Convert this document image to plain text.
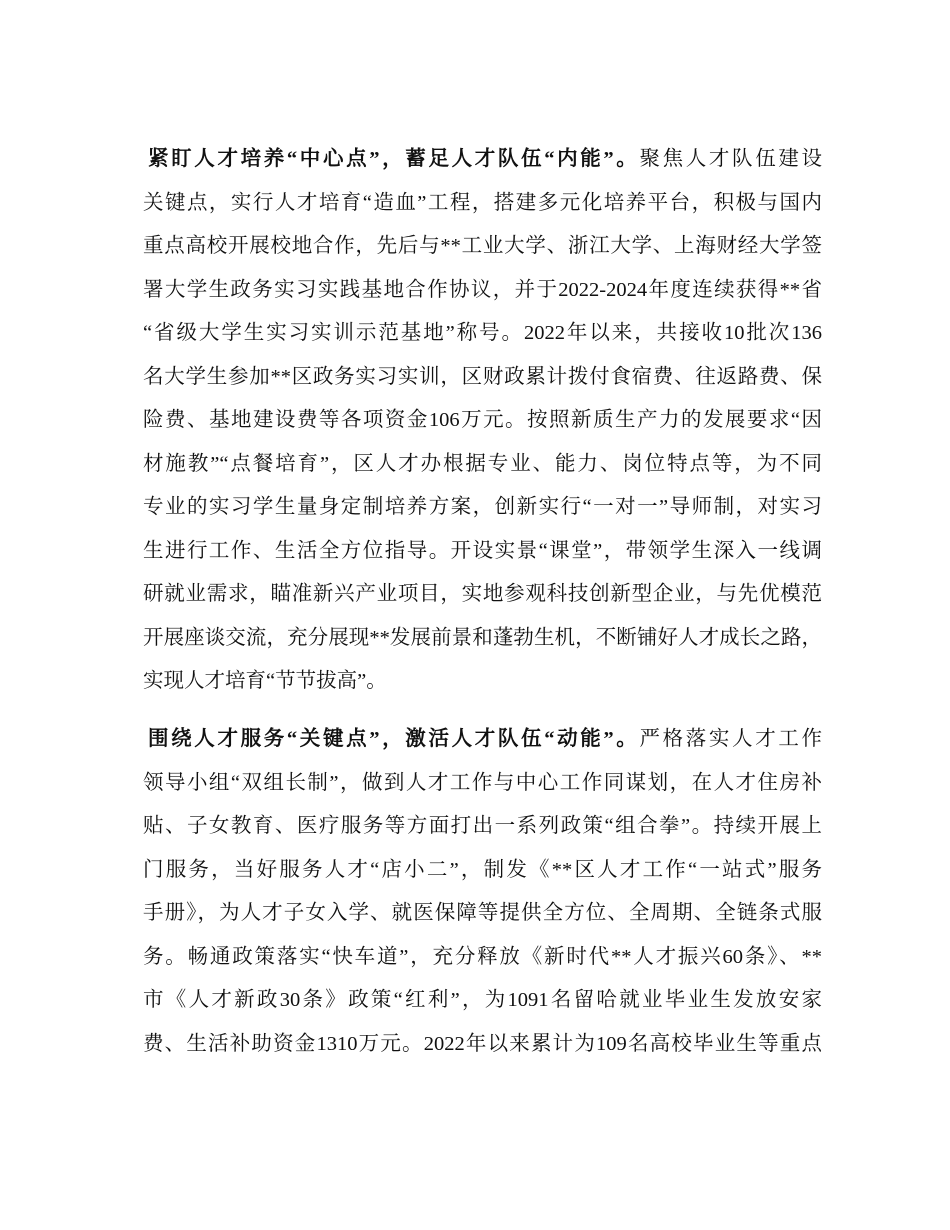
紧盯人才培养“中心点”，蓄足人才队伍“内能”。聚焦人才队伍建设
关键点，实行人才培育“造血”工程，搭建多元化培养平台，积极与国内
重点高校开展校地合作，先后与**工业大学、浙江大学、上海财经大学签
署大学生政务实习实践基地合作协议，并于2022-2024年度连续获得**省
“省级大学生实习实训示范基地”称号。2022年以来，共接收10批次136
名大学生参加**区政务实习实训，区财政累计拨付食宿费、往返路费、保
险费、基地建设费等各项资金106万元。按照新质生产力的发展要求“因
材施教”“点餐培育”，区人才办根据专业、能力、岗位特点等，为不同
专业的实习学生量身定制培养方案，创新实行“一对一”导师制，对实习
生进行工作、生活全方位指导。开设实景“课堂”，带领学生深入一线调
研就业需求，瞄准新兴产业项目，实地参观科技创新型企业，与先优模范
开展座谈交流，充分展现**发展前景和蓬勃生机，不断铺好人才成长之路，
实现人才培育“节节拔高”。
围绕人才服务“关键点”，激活人才队伍“动能”。严格落实人才工作
领导小组“双组长制”，做到人才工作与中心工作同谋划，在人才住房补
贴、子女教育、医疗服务等方面打出一系列政策“组合拳”。持续开展上
门服务，当好服务人才“店小二”，制发《**区人才工作“一站式”服务
手册》，为人才子女入学、就医保障等提供全方位、全周期、全链条式服
务。畅通政策落实“快车道”，充分释放《新时代**人才振兴60条》、**
市《人才新政30条》政策“红利”，为1091名留哈就业毕业生发放安家
费、生活补助资金1310万元。2022年以来累计为109名高校毕业生等重点
